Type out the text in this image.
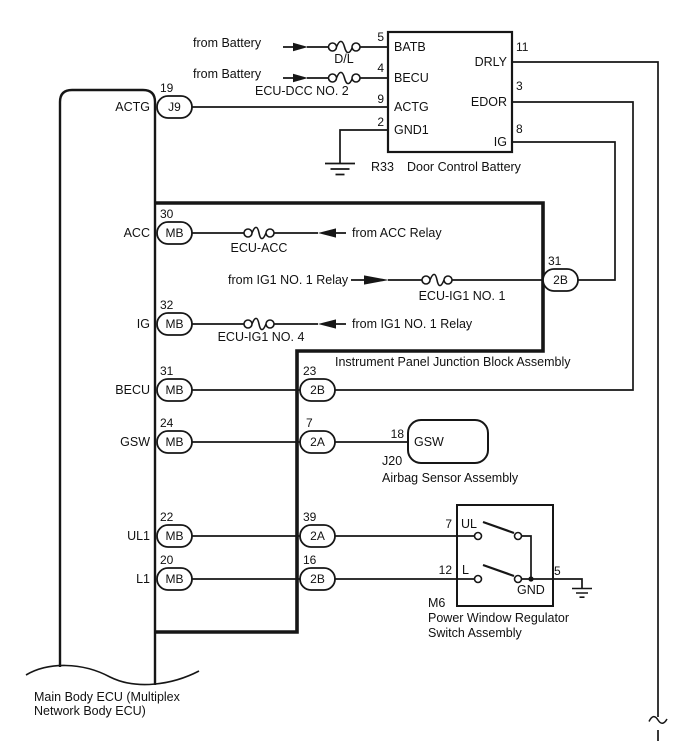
from Battery
from Battery
D/L
ECU-DCC NO. 2
5
4
9
2
BATB
BECU
ACTG
GND1
DRLY
EDOR
IG
11
3
8
R33 Door Control Battery
ACTG
ACC
IG
BECU
GSW
UL1
L1
19
30
32
31
24
22
20
J9
MB
MB
MB
MB
MB
MB
31
2B
23
2B
7
2A
39
2A
16
2B
ECU-ACC
from ACC Relay
from IG1 NO. 1 Relay
ECU-IG1 NO. 1
ECU-IG1 NO. 4
from IG1 NO. 1 Relay
Instrument Panel Junction Block Assembly
18
GSW
J20
Airbag Sensor Assembly
7 UL
12 L
GND
5
M6
Power Window Regulator
Switch Assembly
Main Body ECU (Multiplex
Network Body ECU)
